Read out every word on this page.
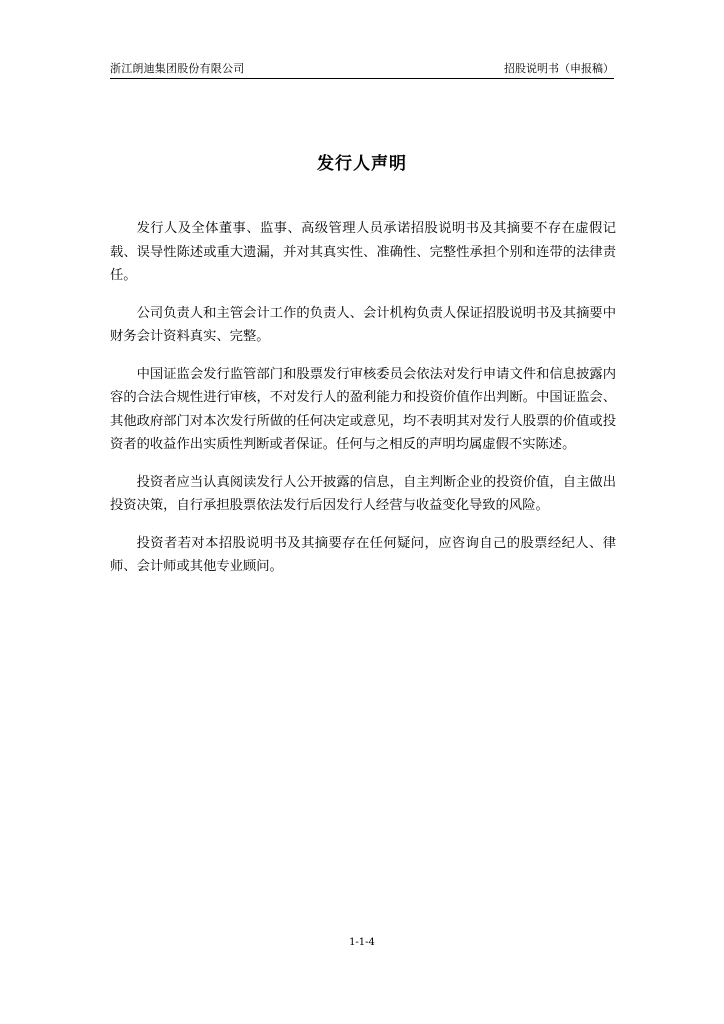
浙江朗迪集团股份有限公司	招股说明书（申报稿）
发行人声明

发行人及全体董事、监事、高级管理人员承诺招股说明书及其摘要不存在虚假记载、误导性陈述或重大遗漏，并对其真实性、准确性、完整性承担个别和连带的法律责任。

公司负责人和主管会计工作的负责人、会计机构负责人保证招股说明书及其摘要中财务会计资料真实、完整。

中国证监会发行监管部门和股票发行审核委员会依法对发行申请文件和信息披露内容的合法合规性进行审核，不对发行人的盈利能力和投资价值作出判断。中国证监会、其他政府部门对本次发行所做的任何决定或意见，均不表明其对发行人股票的价值或投资者的收益作出实质性判断或者保证。任何与之相反的声明均属虚假不实陈述。

投资者应当认真阅读发行人公开披露的信息，自主判断企业的投资价值，自主做出投资决策，自行承担股票依法发行后因发行人经营与收益变化导致的风险。

投资者若对本招股说明书及其摘要存在任何疑问，应咨询自己的股票经纪人、律师、会计师或其他专业顾问。

1-1-4
